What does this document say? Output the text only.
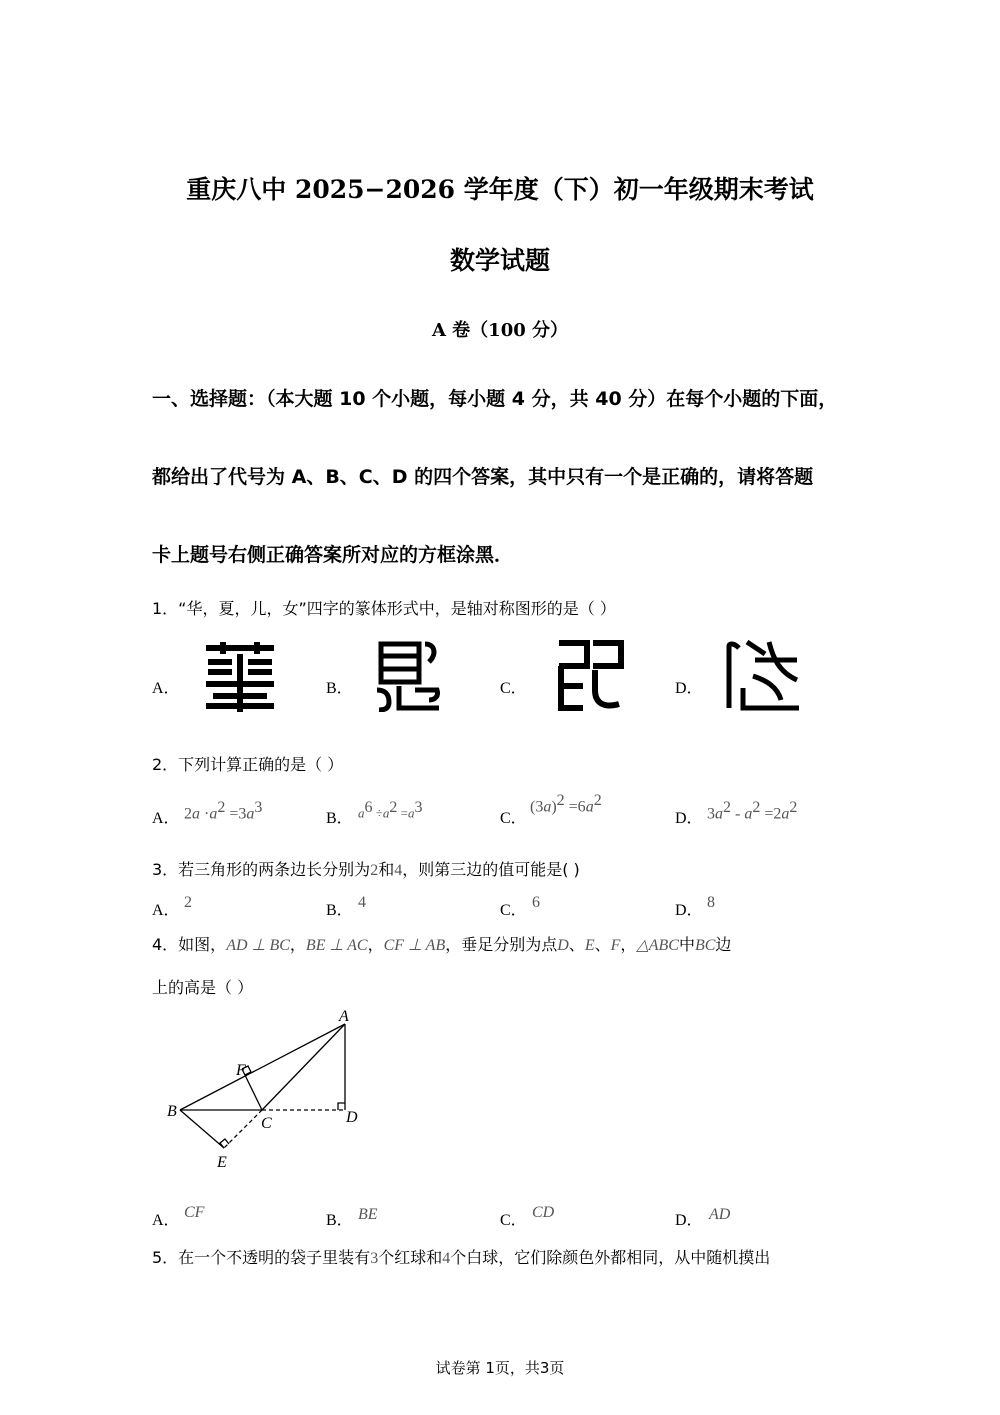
重庆八中 2025−2026 学年度（下）初一年级期末考试
数学试题
A 卷（100 分）
一、选择题：（本大题 10 个小题，每小题 4 分，共 40 分）在每个小题的下面，
都给出了代号为 A、B、C、D 的四个答案，其中只有一个是正确的，请将答题
卡上题号右侧正确答案所对应的方框涂黑．
1．“华，夏，儿，女”四字的篆体形式中，是轴对称图形的是（ ）
A．	B．	C．	D．
2．下列计算正确的是（ ）
A． $2a \cdot a^2 =3a^3$
B． $a^6 \div a^2 =a^3$
C．
$(3a)^2 =6a^2$
D． $3a^2 - a^2 =2a^2$
3．若三角形的两条边长分别为2和4，则第三边的值可能是( )
A． 2	B． 4	C． 6	D． 8
4．如图，AD ⊥ BC，BE ⊥ AC，CF ⊥ AB，垂足分别为点D、E、F，△ABC中BC边
上的高是（ ）
A
B
C	D
E
F
A． CF	B． BE	C． CD	D． AD
5．在一个不透明的袋子里装有3个红球和4个白球，它们除颜色外都相同，从中随机摸出
试卷第 1页，共3页
